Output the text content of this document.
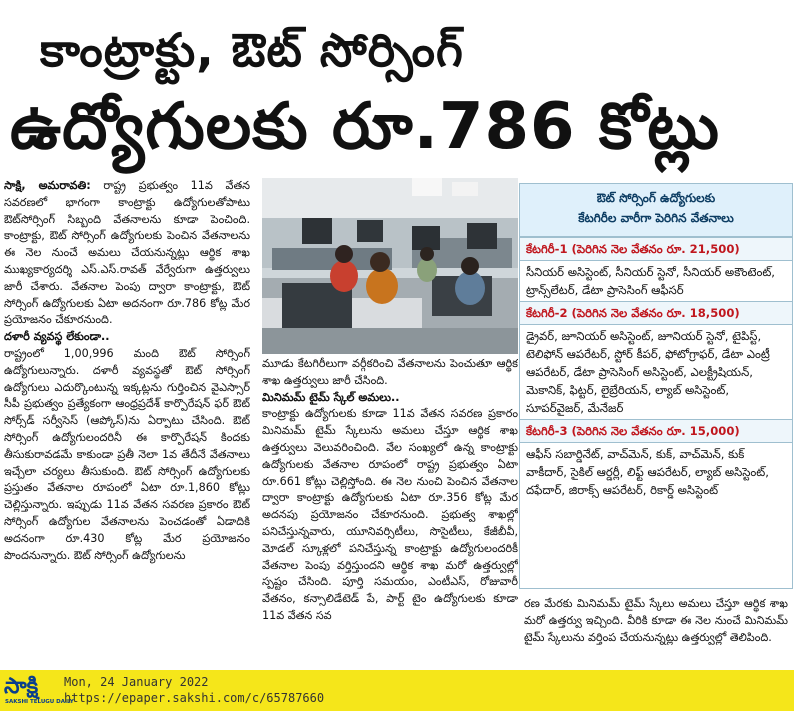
కాంట్రాక్టు, ఔట్ సోర్సింగ్
ఉద్యోగులకు రూ.786 కోట్లు

సాక్షి, అమరావతి: రాష్ట్ర ప్రభుత్వం 11వ వేతన సవరణలో భాగంగా కాంట్రాక్టు ఉద్యోగులతోపాటు ఔట్‌సోర్సింగ్ సిబ్బంది వేతనాలను కూడా పెంచింది. కాంట్రాక్టు, ఔట్ సోర్సింగ్ ఉద్యోగులకు పెంచిన వేతనాలను ఈ నెల నుంచే అమలు చేయనున్నట్లు ఆర్థిక శాఖ ముఖ్యకార్యదర్శి ఎస్.ఎస్.రావత్ వేర్వేరుగా ఉత్తర్వులు జారీ చేశారు. వేతనాల పెంపు ద్వారా కాంట్రాక్టు, ఔట్ సోర్సింగ్ ఉద్యోగులకు ఏటా అదనంగా రూ.786 కోట్ల మేర ప్రయోజనం చేకూరనుంది.

దళారీ వ్యవస్థ లేకుండా..

రాష్ట్రంలో 1,00,996 మంది ఔట్ సోర్సింగ్ ఉద్యోగులున్నారు. దళారీ వ్యవస్థతో ఔట్ సోర్సింగ్ ఉద్యోగులు ఎదుర్కొంటున్న ఇక్కట్లను గుర్తించిన వైఎస్సార్ సీపీ ప్రభుత్వం ప్రత్యేకంగా ఆంధ్రప్రదేశ్ కార్పొరేషన్ ఫర్ ఔట్ సోర్స్‌డ్ సర్వీసెస్ (ఆప్కోస్)ను ఏర్పాటు చేసింది. ఔట్ సోర్సింగ్ ఉద్యోగులందరినీ ఈ కార్పొరేషన్ కిందకు తీసుకురావడమే కాకుండా ప్రతీ నెలా 1వ తేదీనే వేతనాలు ఇచ్చేలా చర్యలు తీసుకుంది. ఔట్ సోర్సింగ్ ఉద్యోగులకు ప్రస్తుతం వేతనాల రూపంలో ఏటా రూ.1,860 కోట్లు చెల్లిస్తున్నారు. ఇప్పుడు 11వ వేతన సవరణ ప్రకారం ఔట్ సోర్సింగ్ ఉద్యోగుల వేతనాలను పెంచడంతో ఏడాదికి అదనంగా రూ.430 కోట్ల మేర ప్రయోజనం పొందనున్నారు. ఔట్ సోర్సింగ్ ఉద్యోగులను

మూడు కేటగిరీలుగా వర్గీకరించి వేతనాలను పెంచుతూ ఆర్థిక శాఖ ఉత్తర్వులు జారీ చేసింది.

మినిమమ్ టైమ్ స్కేల్ అమలు..

కాంట్రాక్టు ఉద్యోగులకు కూడా 11వ వేతన సవరణ ప్రకారం మినిమమ్ టైమ్ స్కేలును అమలు చేస్తూ ఆర్థిక శాఖ ఉత్తర్వులు వెలువరించింది. వేల సంఖ్యలో ఉన్న కాంట్రాక్టు ఉద్యోగులకు వేతనాల రూపంలో రాష్ట్ర ప్రభుత్వం ఏటా రూ.661 కోట్లు చెల్లిస్తోంది. ఈ నెల నుంచి పెంచిన వేతనాల ద్వారా కాంట్రాక్టు ఉద్యోగులకు ఏటా రూ.356 కోట్ల మేర అదనపు ప్రయోజనం చేకూరనుంది. ప్రభుత్వ శాఖల్లో పనిచేస్తున్నవారు, యూనివర్సిటీలు, సొసైటీలు, కేజీబీవీ, మోడల్ స్కూళ్లలో పనిచేస్తున్న కాంట్రాక్టు ఉద్యోగులందరికీ వేతనాల పెంపు వర్తిస్తుందని ఆర్థిక శాఖ మరో ఉత్తర్వుల్లో స్పష్టం చేసింది. పూర్తి సమయం, ఎంటీఎస్, రోజువారీ వేతనం, కన్సాలిడేటెడ్ పే, పార్ట్ టైం ఉద్యోగులకు కూడా 11వ వేతన సవ

ఔట్ సోర్సింగ్ ఉద్యోగులకు
కేటగిరీల వారీగా పెరిగిన వేతనాలు
కేటగిరీ-1 (పెరిగిన నెల వేతనం రూ. 21,500)
సీనియర్ అసిస్టెంట్, సీనియర్ స్టెనో, సీనియర్ అకౌంటెంట్, ట్రాన్స్‌లేటర్, డేటా ప్రాసెసింగ్ ఆఫీసర్
కేటగిరీ-2 (పెరిగిన నెల వేతనం రూ. 18,500)
డ్రైవర్, జూనియర్ అసిస్టెంట్, జూనియర్ స్టెనో, టైపిస్ట్, టెలిఫోన్ ఆపరేటర్, స్టోర్ కీపర్, ఫోటోగ్రాఫర్, డేటా ఎంట్రీ ఆపరేటర్, డేటా ప్రాసెసింగ్ అసిస్టెంట్, ఎలక్ట్రీషియన్, మెకానిక్, ఫిట్టర్, లైబ్రేరియన్, ల్యాబ్ అసిస్టెంట్, సూపర్‌వైజర్, మేనేజర్
కేటగిరీ-3 (పెరిగిన నెల వేతనం రూ. 15,000)
ఆఫీస్ సబార్డినేట్, వాచ్‌మెన్, కుక్, వాచ్‌మెన్, కుక్ వాకీదార్, సైకిల్ ఆర్డర్లీ, లిఫ్ట్ ఆపరేటర్, ల్యాబ్ అసిస్టెంట్, దఫేదార్, జిరాక్స్ ఆపరేటర్, రికార్డ్ అసిస్టెంట్

రణ మేరకు మినిమమ్ టైమ్ స్కేలు అమలు చేస్తూ ఆర్థిక శాఖ మరో ఉత్తర్వు ఇచ్చింది. వీరికి కూడా ఈ నెల నుంచే మినిమమ్ టైమ్ స్కేలును వర్తింప చేయనున్నట్లు ఉత్తర్వుల్లో తెలిపింది.

సాక్షి
SAKSHI TELUGU DAILY
Mon, 24 January 2022
https://epaper.sakshi.com/c/65787660
